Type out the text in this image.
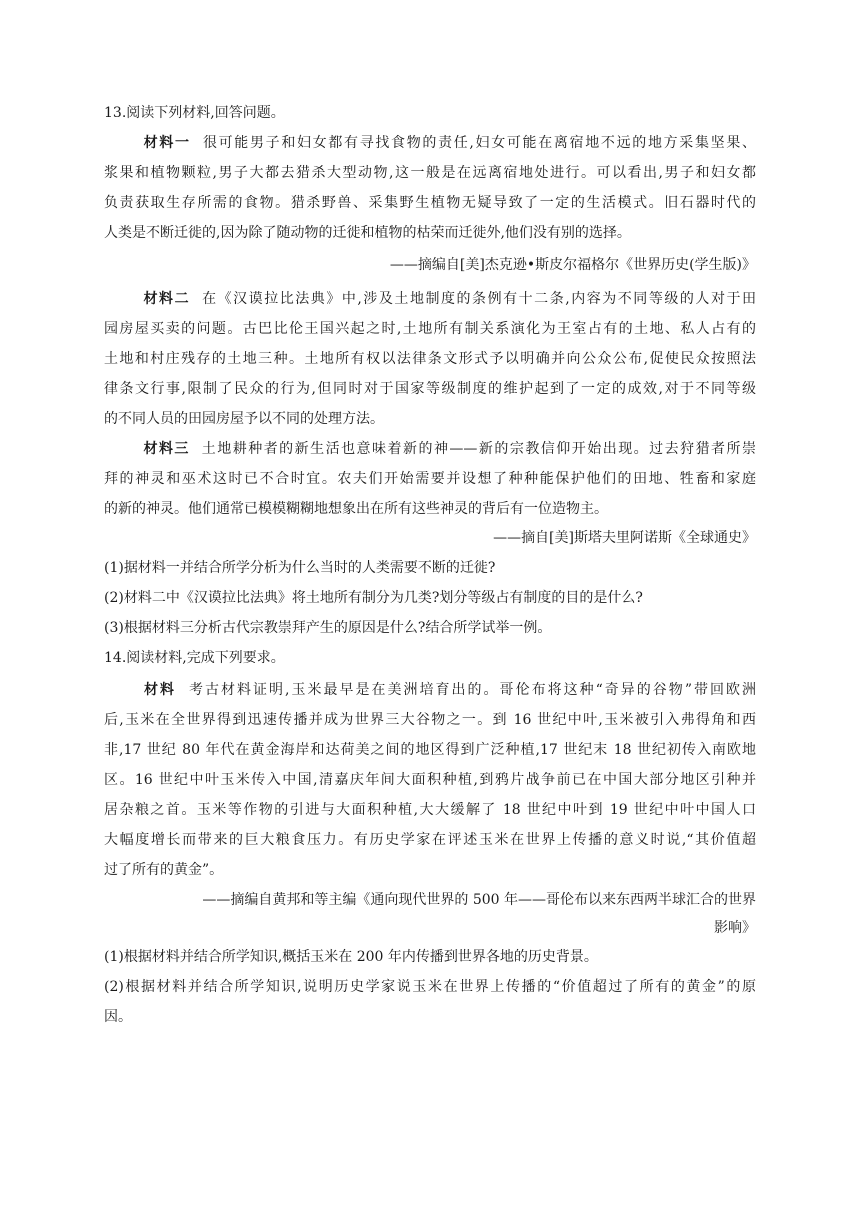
13.阅读下列材料,回答问题。
材料一 很可能男子和妇女都有寻找食物的责任,妇女可能在离宿地不远的地方采集坚果、
浆果和植物颗粒,男子大都去猎杀大型动物,这一般是在远离宿地处进行。可以看出,男子和妇女都
负责获取生存所需的食物。猎杀野兽、采集野生植物无疑导致了一定的生活模式。旧石器时代的
人类是不断迁徙的,因为除了随动物的迁徙和植物的枯荣而迁徙外,他们没有别的选择。
——摘编自[美]杰克逊•斯皮尔福格尔《世界历史(学生版)》
材料二 在《汉谟拉比法典》中,涉及土地制度的条例有十二条,内容为不同等级的人对于田
园房屋买卖的问题。古巴比伦王国兴起之时,土地所有制关系演化为王室占有的土地、私人占有的
土地和村庄残存的土地三种。土地所有权以法律条文形式予以明确并向公众公布,促使民众按照法
律条文行事,限制了民众的行为,但同时对于国家等级制度的维护起到了一定的成效,对于不同等级
的不同人员的田园房屋予以不同的处理方法。
材料三 土地耕种者的新生活也意味着新的神——新的宗教信仰开始出现。过去狩猎者所崇
拜的神灵和巫术这时已不合时宜。农夫们开始需要并设想了种种能保护他们的田地、牲畜和家庭
的新的神灵。他们通常已模模糊糊地想象出在所有这些神灵的背后有一位造物主。
——摘自[美]斯塔夫里阿诺斯《全球通史》
(1)据材料一并结合所学分析为什么当时的人类需要不断的迁徙?
(2)材料二中《汉谟拉比法典》将土地所有制分为几类?划分等级占有制度的目的是什么?
(3)根据材料三分析古代宗教崇拜产生的原因是什么?结合所学试举一例。
14.阅读材料,完成下列要求。
材料 考古材料证明,玉米最早是在美洲培育出的。哥伦布将这种“奇异的谷物”带回欧洲
后,玉米在全世界得到迅速传播并成为世界三大谷物之一。到 16 世纪中叶,玉米被引入弗得角和西
非,17 世纪 80 年代在黄金海岸和达荷美之间的地区得到广泛种植,17 世纪末 18 世纪初传入南欧地
区。16 世纪中叶玉米传入中国,清嘉庆年间大面积种植,到鸦片战争前已在中国大部分地区引种并
居杂粮之首。玉米等作物的引进与大面积种植,大大缓解了 18 世纪中叶到 19 世纪中叶中国人口
大幅度增长而带来的巨大粮食压力。有历史学家在评述玉米在世界上传播的意义时说,“其价值超
过了所有的黄金”。
——摘编自黄邦和等主编《通向现代世界的 500 年——哥伦布以来东西两半球汇合的世界
影响》
(1)根据材料并结合所学知识,概括玉米在 200 年内传播到世界各地的历史背景。
(2)根据材料并结合所学知识,说明历史学家说玉米在世界上传播的“价值超过了所有的黄金”的原
因。
